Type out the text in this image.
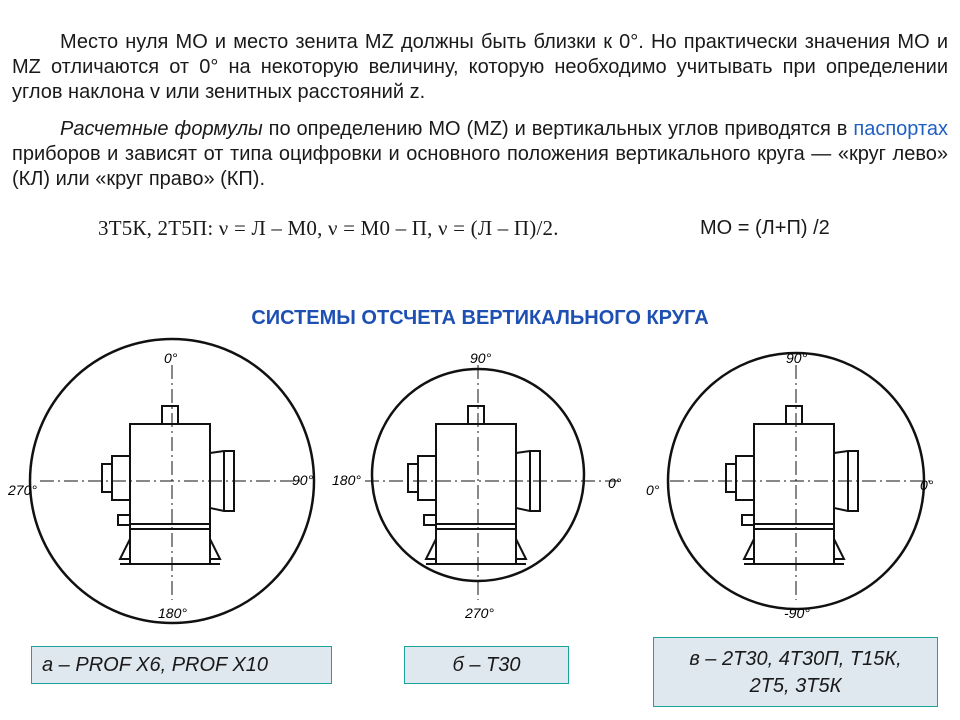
Место нуля МО и место зенита MZ должны быть близки к 0°. Но практически значения МО и MZ отличаются от 0° на некоторую величину, которую необходимо учитывать при определении углов наклона v или зенитных расстояний z.

Расчетные формулы по определению МО (MZ) и вертикальных углов приводятся в паспортах приборов и зависят от типа оцифровки и основного положения вертикального круга — «круг лево» (КЛ) или «круг право» (КП).

3Т5К, 2Т5П: ν = Л – М0, ν = М0 – П, ν = (Л – П)/2.	МО = (Л+П) /2
СИСТЕМЫ ОТСЧЕТА ВЕРТИКАЛЬНОГО КРУГА
0°
270°
90°
180°
90°
180°	0°
270°
90°
0°	0°
-90°
а – PROF X6, PROF X10	б – Т30	в – 2Т30, 4Т30П, Т15К,
2Т5, 3Т5К
